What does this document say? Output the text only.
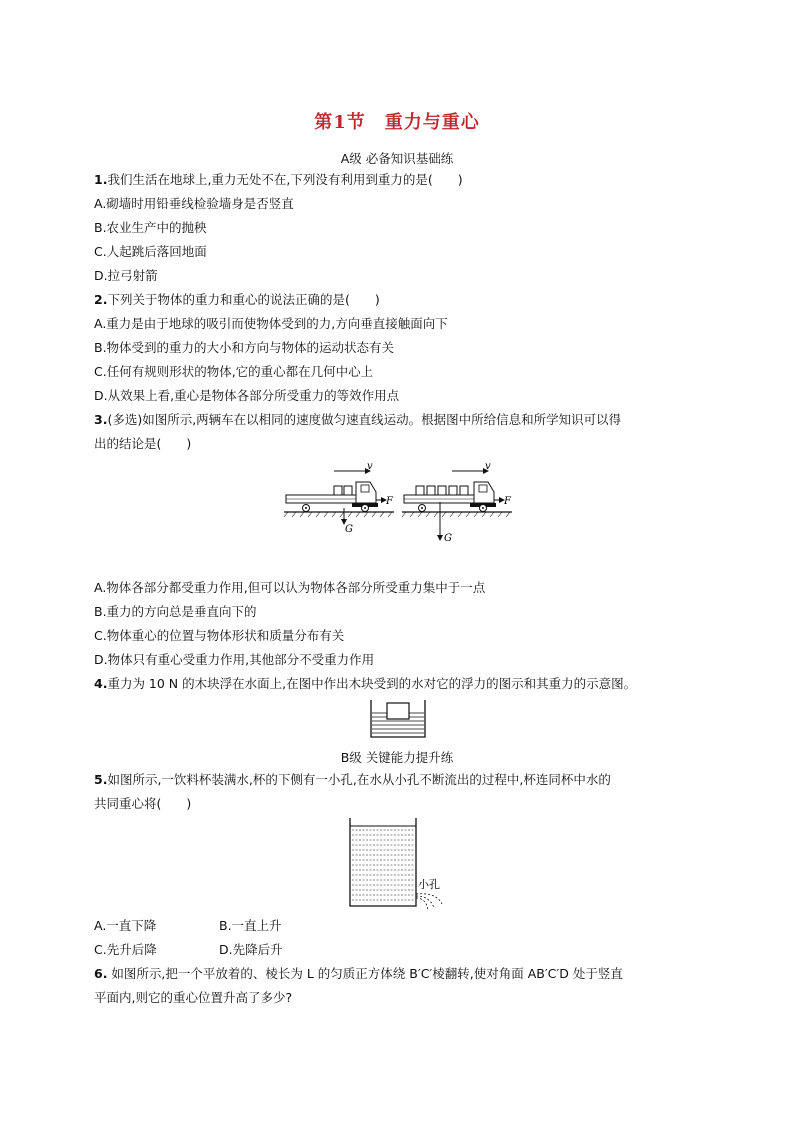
第1节　重力与重心
A级 必备知识基础练
1.我们生活在地球上,重力无处不在,下列没有利用到重力的是(　　)
A.砌墙时用铅垂线检验墙身是否竖直
B.农业生产中的抛秧
C.人起跳后落回地面
D.拉弓射箭
2.下列关于物体的重力和重心的说法正确的是(　　)
A.重力是由于地球的吸引而使物体受到的力,方向垂直接触面向下
B.物体受到的重力的大小和方向与物体的运动状态有关
C.任何有规则形状的物体,它的重心都在几何中心上
D.从效果上看,重心是物体各部分所受重力的等效作用点
3.(多选)如图所示,两辆车在以相同的速度做匀速直线运动。根据图中所给信息和所学知识可以得
出的结论是(　　)
v
F
G
v
F
G
A.物体各部分都受重力作用,但可以认为物体各部分所受重力集中于一点
B.重力的方向总是垂直向下的
C.物体重心的位置与物体形状和质量分布有关
D.物体只有重心受重力作用,其他部分不受重力作用
4.重力为 10 N 的木块浮在水面上,在图中作出木块受到的水对它的浮力的图示和其重力的示意图。
B级 关键能力提升练
5.如图所示,一饮料杯装满水,杯的下侧有一小孔,在水从小孔不断流出的过程中,杯连同杯中水的
共同重心将(　　)
小孔
A.一直下降	B.一直上升
C.先升后降	D.先降后升
6. 如图所示,把一个平放着的、棱长为 L 的匀质正方体绕 B′C′棱翻转,使对角面 AB′C′D 处于竖直
平面内,则它的重心位置升高了多少?
